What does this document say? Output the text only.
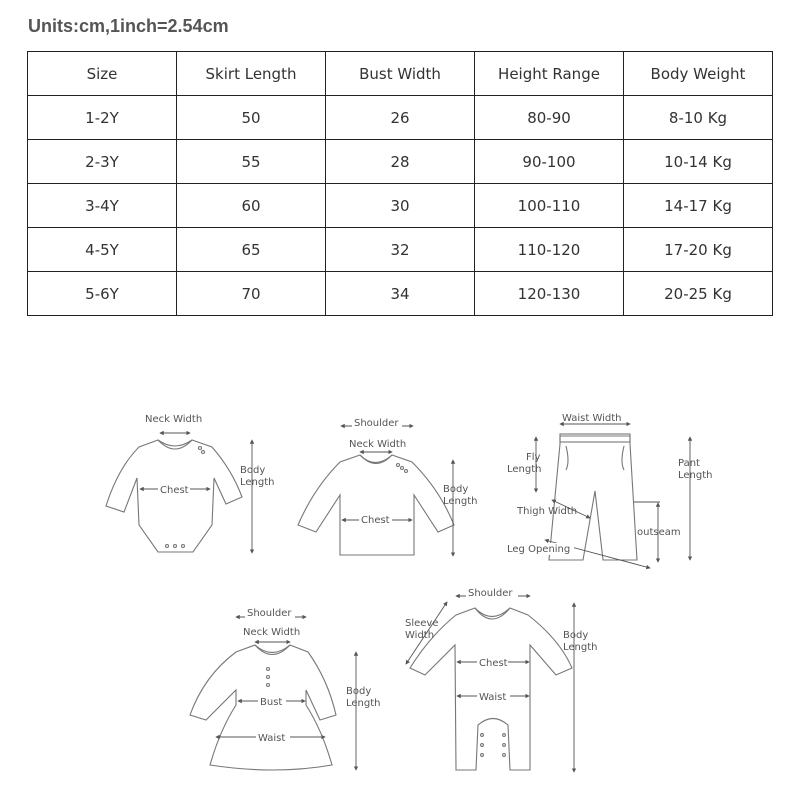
Units:cm,1inch=2.54cm
Size	Skirt Length	Bust Width	Height Range	Body Weight
1-2Y	50	26	80-90	8-10 Kg
2-3Y	55	28	90-100	10-14 Kg
3-4Y	60	30	100-110	14-17 Kg
4-5Y	65	32	110-120	17-20 Kg
5-6Y	70	34	120-130	20-25 Kg
Neck Width
Body
Length
Chest
Shoulder
Neck Width
Body
Length
Chest
Waist Width
Fly
Length
Pant
Length
Thigh Width
outseam
Leg Opening
Shoulder
Neck Width
Body
Length
Bust
Waist
Shoulder
Sleeve
Width	Body
Length
Chest
Waist
